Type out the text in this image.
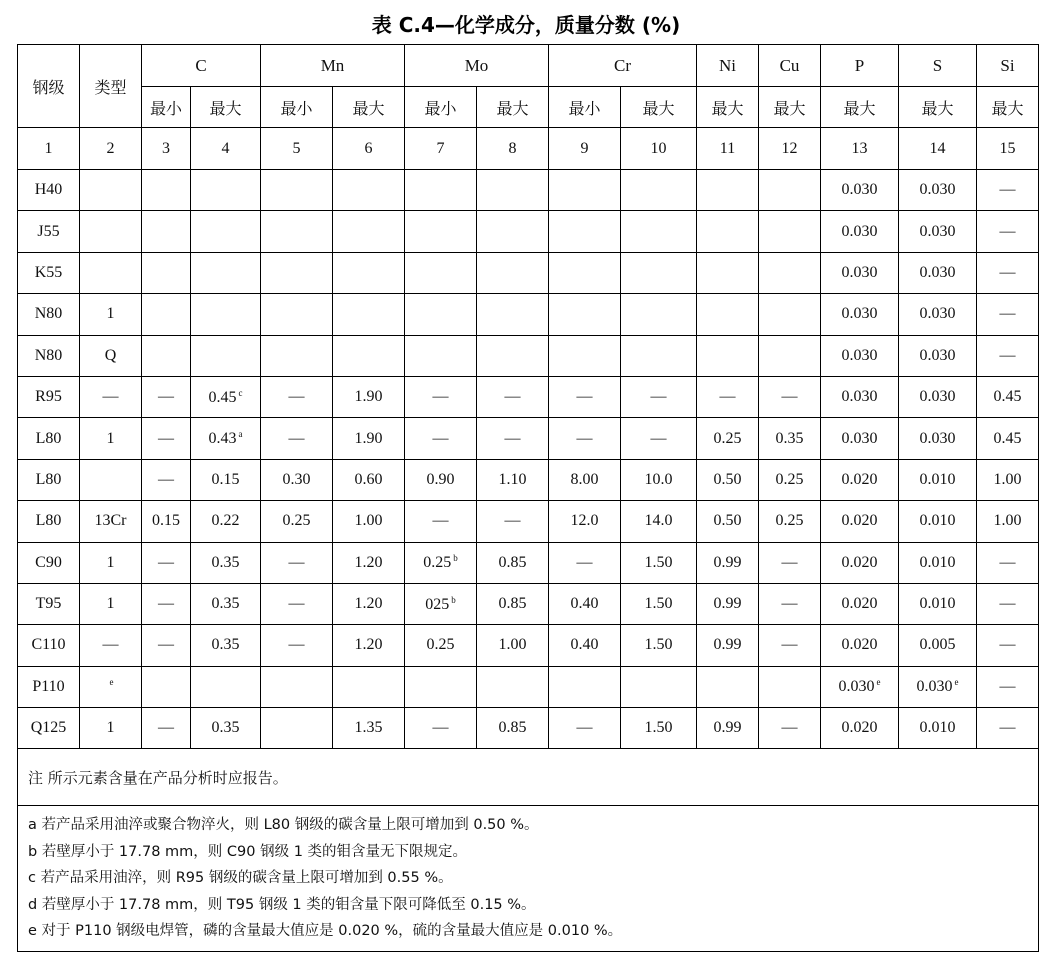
表 C.4—化学成分，质量分数 (%)
钢级	类型	C		Mn		Mo		Cr		Ni	Cu	P	S	Si
		最小	最大	最小	最大	最小	最大	最小	最大	最大	最大	最大	最大	最大
1	2	3	4	5	6	7	8	9	10	11	12	13	14	15
H40												0.030	0.030	—
J55												0.030	0.030	—
K55												0.030	0.030	—
N80	1											0.030	0.030	—
N80	Q											0.030	0.030	—
R95	—	—	0.45 $^c$	—	1.90	—	—	—	—	—	—	0.030	0.030	0.45
L80	1	—	0.43 $^a$	—	1.90	—	—	—	—	0.25	0.35	0.030	0.030	0.45
L80		—	0.15	0.30	0.60	0.90	1.10	8.00	10.0	0.50	0.25	0.020	0.010	1.00
L80	13Cr	0.15	0.22	0.25	1.00	—	—	12.0	14.0	0.50	0.25	0.020	0.010	1.00
C90	1	—	0.35	—	1.20	0.25 $^b$	0.85	—	1.50	0.99	—	0.020	0.010	—
T95	1	—	0.35	—	1.20	025 $^b$	0.85	0.40	1.50	0.99	—	0.020	0.010	—
C110	—	—	0.35	—	1.20	0.25	1.00	0.40	1.50	0.99	—	0.020	0.005	—
P110	$^e$											0.030 $^e$	0.030 $^e$	—
Q125	1	—	0.35		1.35	—	0.85	—	1.50	0.99	—	0.020	0.010	—
注 所示元素含量在产品分析时应报告。														

a 若产品采用油淬或聚合物淬火，则 L80 钢级的碳含量上限可增加到 0.50 %。
b 若壁厚小于 17.78 mm，则 C90 钢级 1 类的钼含量无下限规定。
c 若产品采用油淬，则 R95 钢级的碳含量上限可增加到 0.55 %。
d 若壁厚小于 17.78 mm，则 T95 钢级 1 类的钼含量下限可降低至 0.15 %。
e 对于 P110 钢级电焊管，磷的含量最大值应是 0.020 %，硫的含量最大值应是 0.010 %。														
